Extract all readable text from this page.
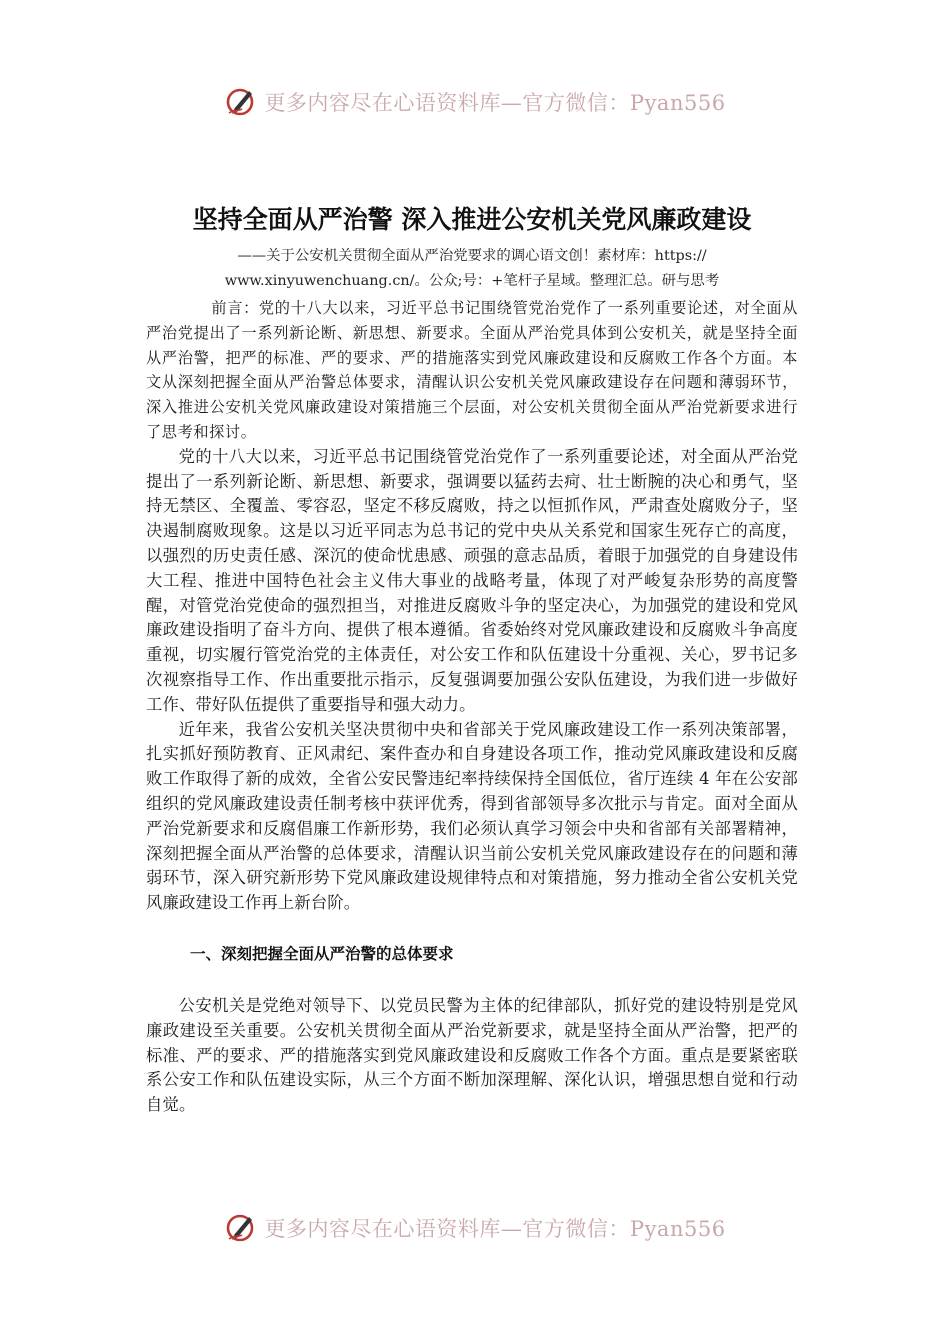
更多内容尽在心语资料库—官方微信：Pyan556
坚持全面从严治警 深入推进公安机关党风廉政建设
——关于公安机关贯彻全面从严治党要求的调心语文创！素材库：https://
www.xinyuwenchuang.cn/。公众;号：+笔杆子星域。整理汇总。研与思考

前言：党的十八大以来，习近平总书记围绕管党治党作了一系列重要论述，对全面从严治党提出了一系列新论断、新思想、新要求。全面从严治党具体到公安机关，就是坚持全面从严治警，把严的标准、严的要求、严的措施落实到党风廉政建设和反腐败工作各个方面。本文从深刻把握全面从严治警总体要求，清醒认识公安机关党风廉政建设存在问题和薄弱环节，深入推进公安机关党风廉政建设对策措施三个层面，对公安机关贯彻全面从严治党新要求进行了思考和探讨。

党的十八大以来，习近平总书记围绕管党治党作了一系列重要论述，对全面从严治党提出了一系列新论断、新思想、新要求，强调要以猛药去疴、壮士断腕的决心和勇气，坚持无禁区、全覆盖、零容忍，坚定不移反腐败，持之以恒抓作风，严肃查处腐败分子，坚决遏制腐败现象。这是以习近平同志为总书记的党中央从关系党和国家生死存亡的高度，以强烈的历史责任感、深沉的使命忧患感、顽强的意志品质，着眼于加强党的自身建设伟大工程、推进中国特色社会主义伟大事业的战略考量，体现了对严峻复杂形势的高度警醒，对管党治党使命的强烈担当，对推进反腐败斗争的坚定决心，为加强党的建设和党风廉政建设指明了奋斗方向、提供了根本遵循。省委始终对党风廉政建设和反腐败斗争高度重视，切实履行管党治党的主体责任，对公安工作和队伍建设十分重视、关心，罗书记多次视察指导工作、作出重要批示指示，反复强调要加强公安队伍建设，为我们进一步做好工作、带好队伍提供了重要指导和强大动力。

近年来，我省公安机关坚决贯彻中央和省部关于党风廉政建设工作一系列决策部署，扎实抓好预防教育、正风肃纪、案件查办和自身建设各项工作，推动党风廉政建设和反腐败工作取得了新的成效，全省公安民警违纪率持续保持全国低位，省厅连续 4 年在公安部组织的党风廉政建设责任制考核中获评优秀，得到省部领导多次批示与肯定。面对全面从严治党新要求和反腐倡廉工作新形势，我们必须认真学习领会中央和省部有关部署精神，深刻把握全面从严治警的总体要求，清醒认识当前公安机关党风廉政建设存在的问题和薄弱环节，深入研究新形势下党风廉政建设规律特点和对策措施，努力推动全省公安机关党风廉政建设工作再上新台阶。

一、深刻把握全面从严治警的总体要求

公安机关是党绝对领导下、以党员民警为主体的纪律部队，抓好党的建设特别是党风廉政建设至关重要。公安机关贯彻全面从严治党新要求，就是坚持全面从严治警，把严的标准、严的要求、严的措施落实到党风廉政建设和反腐败工作各个方面。重点是要紧密联系公安工作和队伍建设实际，从三个方面不断加深理解、深化认识，增强思想自觉和行动自觉。

更多内容尽在心语资料库—官方微信：Pyan556
